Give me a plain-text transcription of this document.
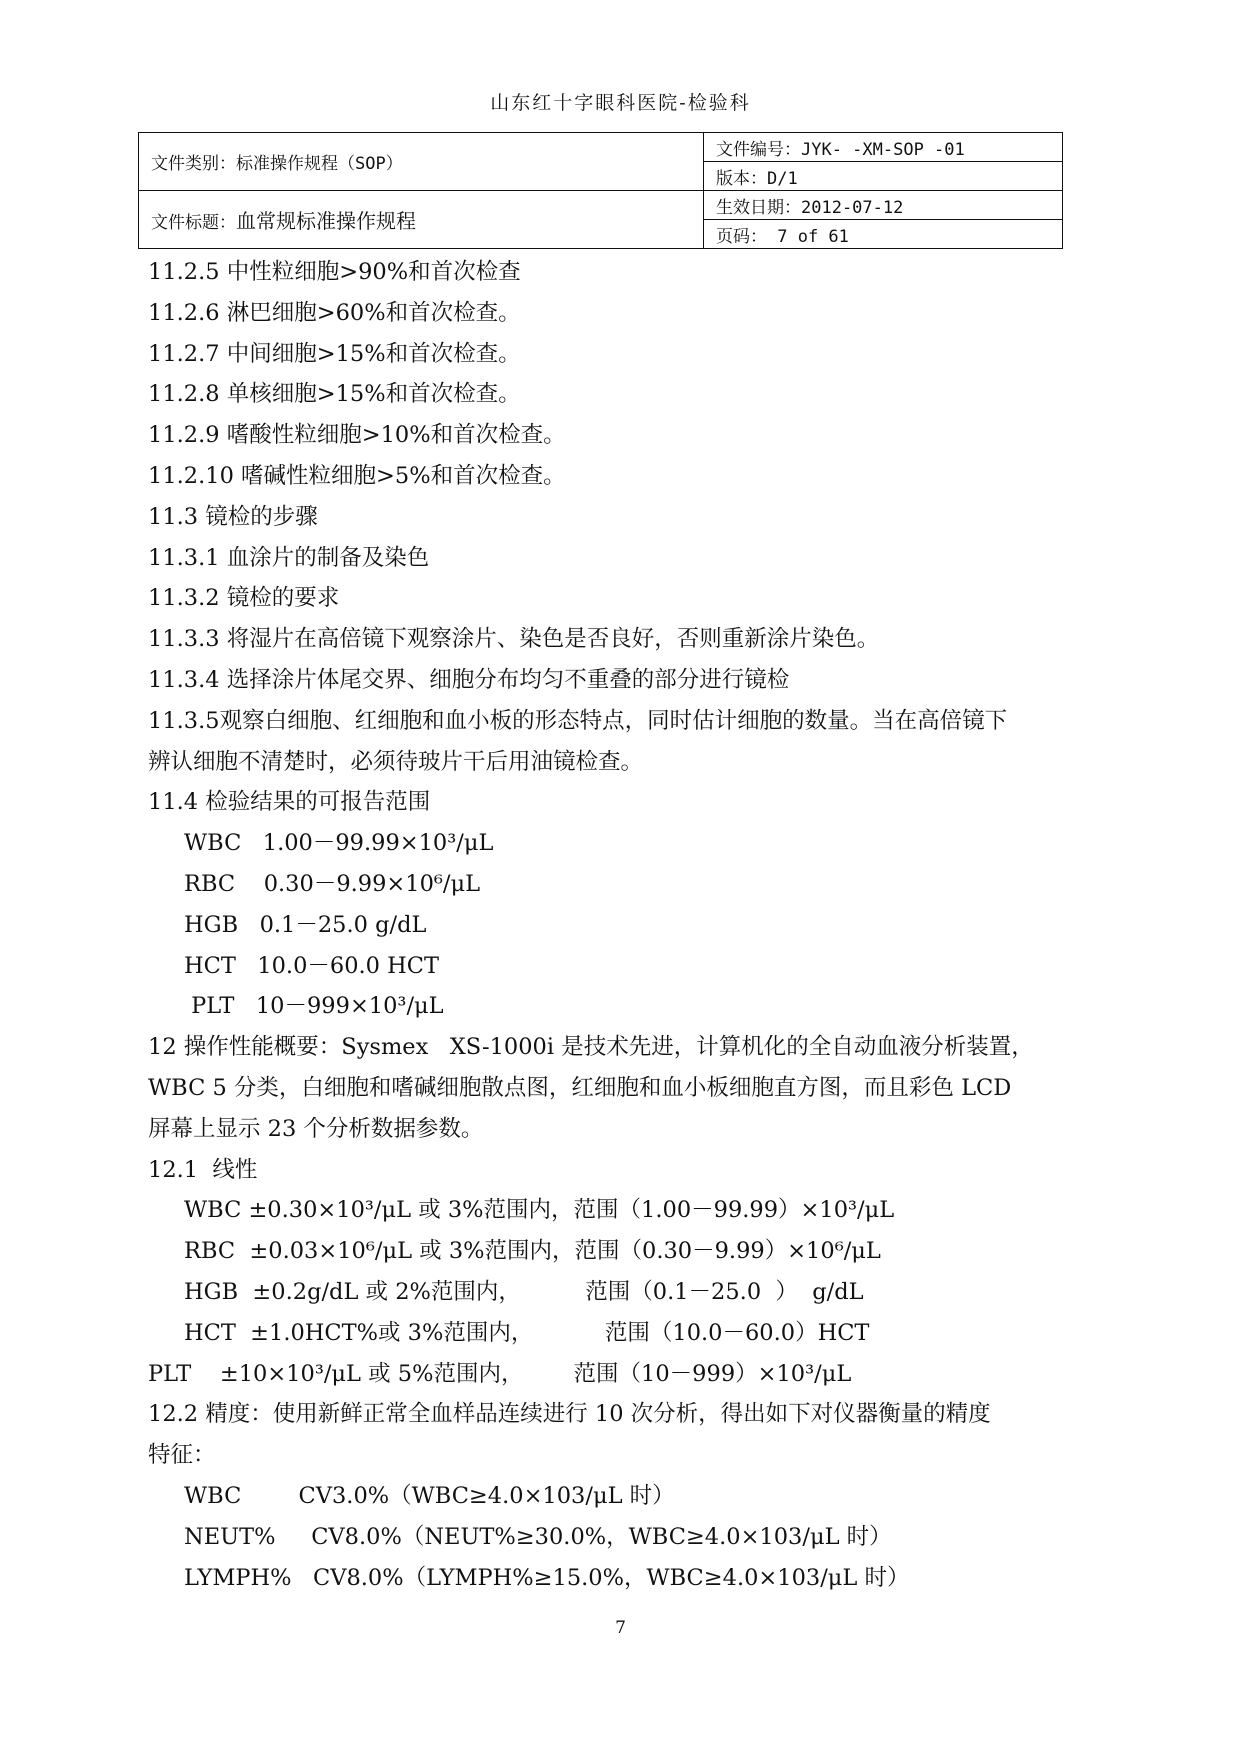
山东红十字眼科医院-检验科
文件类别：标准操作规程（SOP）	文件编号：JYK- -XM-SOP -01
	版本：D/1
文件标题：血常规标准操作规程	生效日期：2012-07-12
	页码： 7 of 61
11.2.5 中性粒细胞>90%和首次检查
11.2.6 淋巴细胞>60%和首次检查。
11.2.7 中间细胞>15%和首次检查。
11.2.8 单核细胞>15%和首次检查。
11.2.9 嗜酸性粒细胞>10%和首次检查。
11.2.10 嗜碱性粒细胞>5%和首次检查。
11.3 镜检的步骤
11.3.1 血涂片的制备及染色
11.3.2 镜检的要求
11.3.3 将湿片在高倍镜下观察涂片、染色是否良好，否则重新涂片染色。
11.3.4 选择涂片体尾交界、细胞分布均匀不重叠的部分进行镜检
11.3.5观察白细胞、红细胞和血小板的形态特点，同时估计细胞的数量。当在高倍镜下
辨认细胞不清楚时，必须待玻片干后用油镜检查。
11.4 检验结果的可报告范围
WBC   1.00－99.99×10³/μL
RBC    0.30－9.99×10⁶/μL
HGB   0.1－25.0 g/dL
HCT   10.0－60.0 HCT
PLT   10－999×10³/μL
12 操作性能概要：Sysmex   XS-1000i 是技术先进，计算机化的全自动血液分析装置，
WBC 5 分类，白细胞和嗜碱细胞散点图，红细胞和血小板细胞直方图，而且彩色 LCD
屏幕上显示 23 个分析数据参数。
12.1  线性
WBC ±0.30×10³/μL 或 3%范围内，范围（1.00－99.99）×10³/μL
RBC  ±0.03×10⁶/μL 或 3%范围内，范围（0.30－9.99）×10⁶/μL
HGB  ±0.2g/dL 或 2%范围内，         范围（0.1－25.0  ）  g/dL
HCT  ±1.0HCT%或 3%范围内，          范围（10.0－60.0）HCT
PLT    ±10×10³/μL 或 5%范围内，       范围（10－999）×10³/μL
12.2 精度：使用新鲜正常全血样品连续进行 10 次分析，得出如下对仪器衡量的精度
特征：
WBC        CV3.0%（WBC≥4.0×103/μL 时）
NEUT%     CV8.0%（NEUT%≥30.0%，WBC≥4.0×103/μL 时）
LYMPH%   CV8.0%（LYMPH%≥15.0%，WBC≥4.0×103/μL 时）
7
